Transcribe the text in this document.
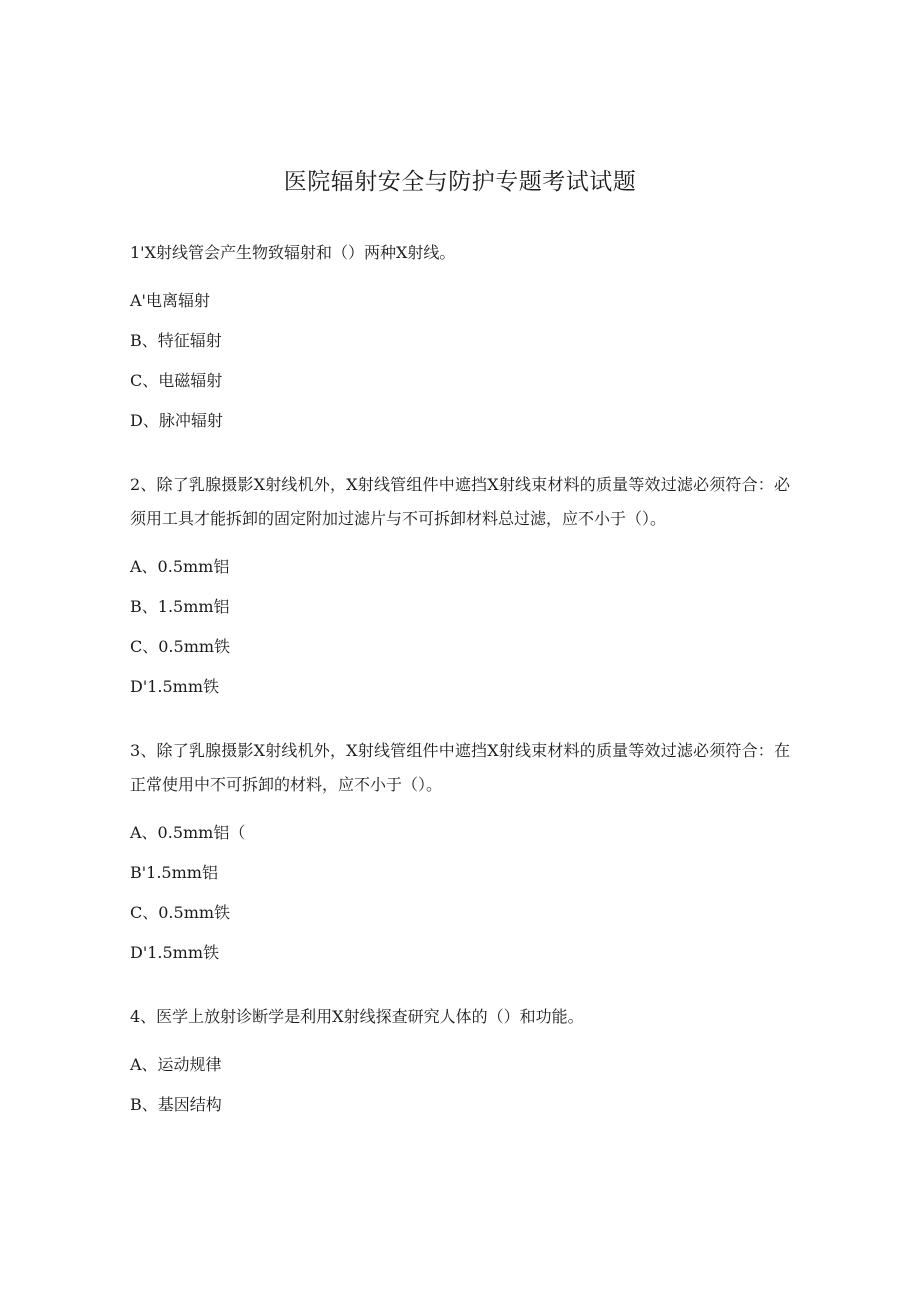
医院辐射安全与防护专题考试试题
1'X射线管会产生物致辐射和（）两种X射线。
A'电离辐射
B、特征辐射
C、电磁辐射
D、脉冲辐射
2、除了乳腺摄影X射线机外，X射线管组件中遮挡X射线束材料的质量等效过滤必须符合：必须用工具才能拆卸的固定附加过滤片与不可拆卸材料总过滤，应不小于（）。
A、0.5mm铝
B、1.5mm铝
C、0.5mm铁
D'1.5mm铁
3、除了乳腺摄影X射线机外，X射线管组件中遮挡X射线束材料的质量等效过滤必须符合：在正常使用中不可拆卸的材料，应不小于（）。
A、0.5mm铝（
B'1.5mm铝
C、0.5mm铁
D'1.5mm铁
4、医学上放射诊断学是利用X射线探查研究人体的（）和功能。
A、运动规律
B、基因结构
